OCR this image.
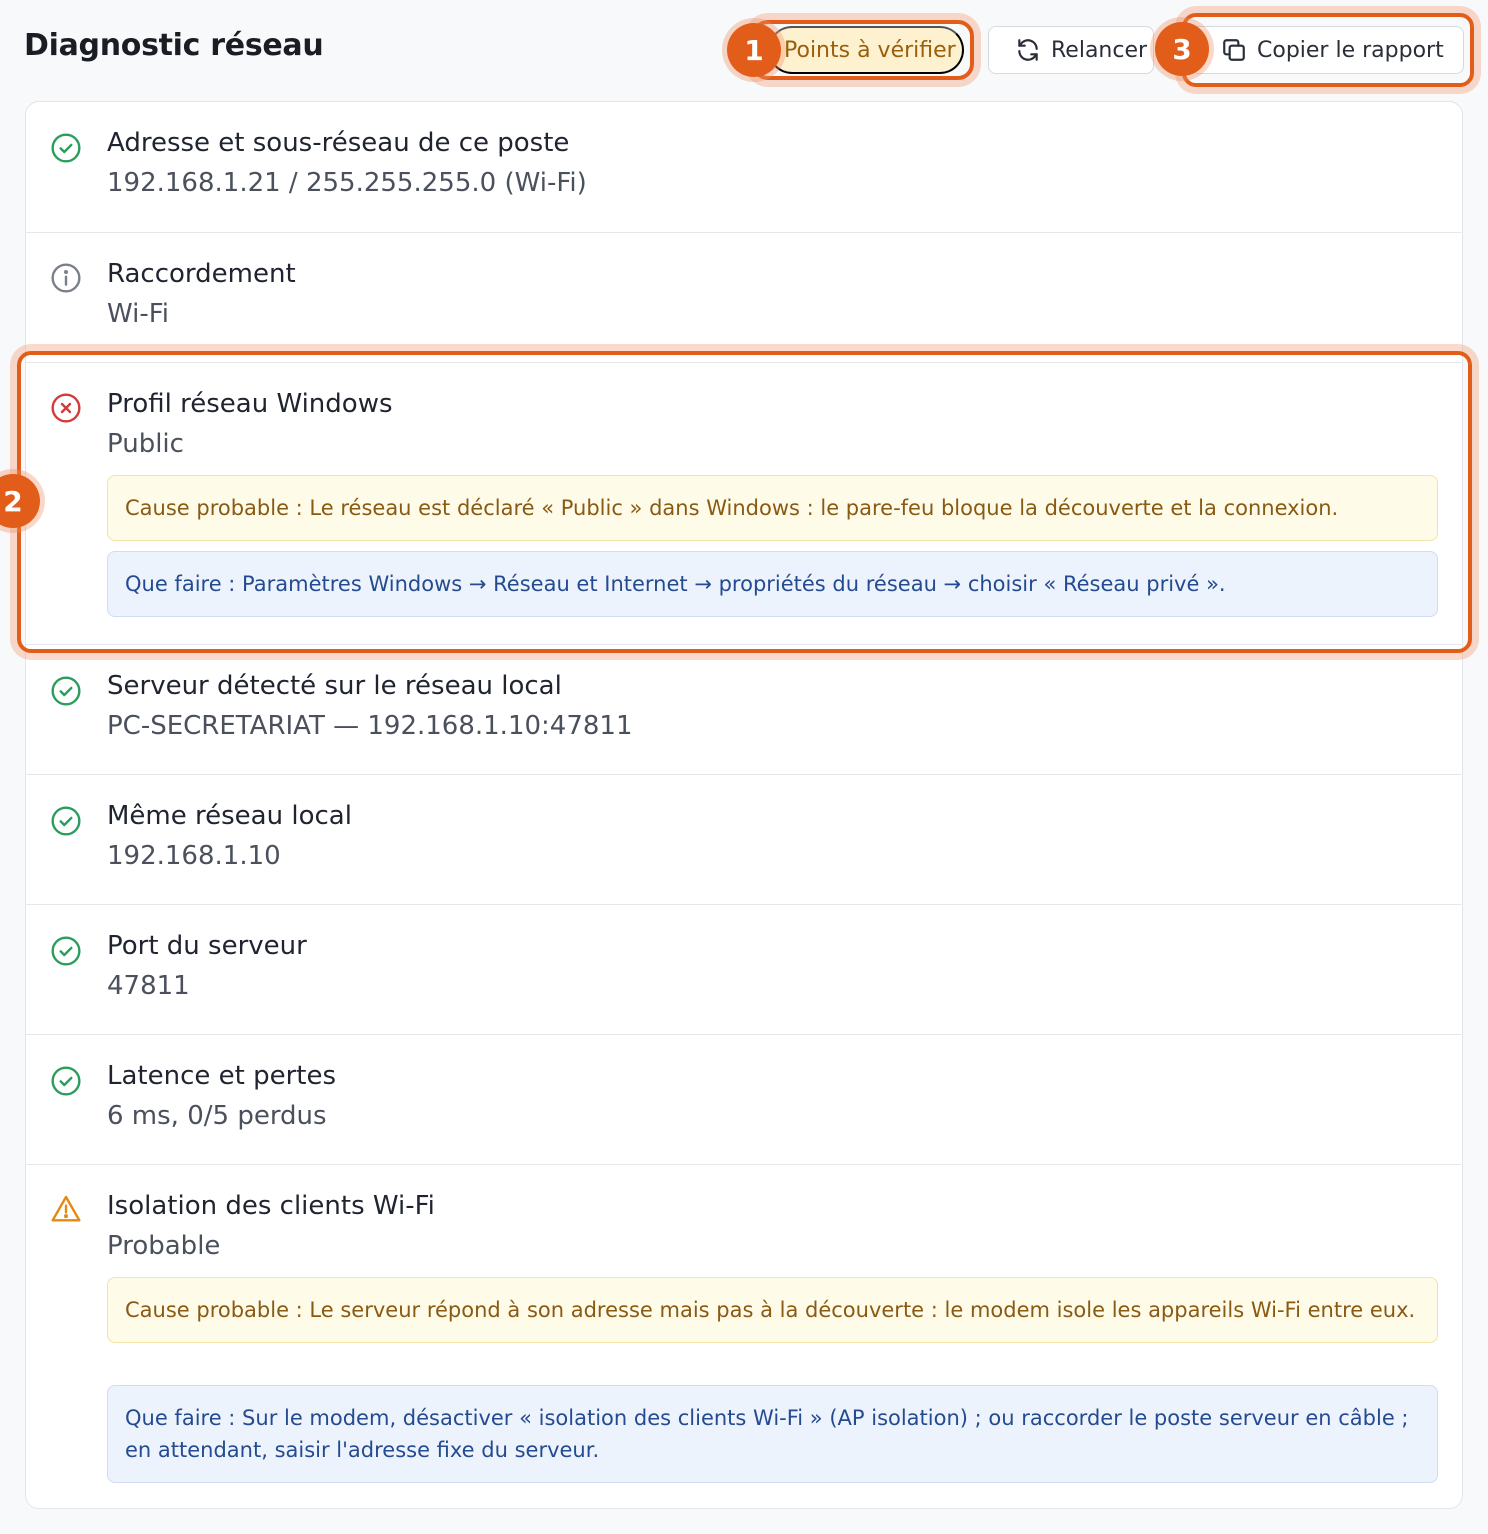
Diagnostic réseau	Points à vérifier	Relancer	Copier le rapport
Adresse et sous-réseau de ce poste
192.168.1.21 / 255.255.255.0 (Wi-Fi)
Raccordement
Wi-Fi
Profil réseau Windows
Public
Cause probable : Le réseau est déclaré « Public » dans Windows : le pare-feu bloque la découverte et la connexion.
Que faire : Paramètres Windows → Réseau et Internet → propriétés du réseau → choisir « Réseau privé ».
Serveur détecté sur le réseau local
PC-SECRETARIAT — 192.168.1.10:47811
Même réseau local
192.168.1.10
Port du serveur
47811
Latence et pertes
6 ms, 0/5 perdus
Isolation des clients Wi-Fi
Probable
Cause probable : Le serveur répond à son adresse mais pas à la découverte : le modem isole les appareils Wi-Fi entre eux.
Que faire : Sur le modem, désactiver « isolation des clients Wi-Fi » (AP isolation) ; ou raccorder le poste serveur en câble ; en attendant, saisir l'adresse fixe du serveur.
1
2
3
